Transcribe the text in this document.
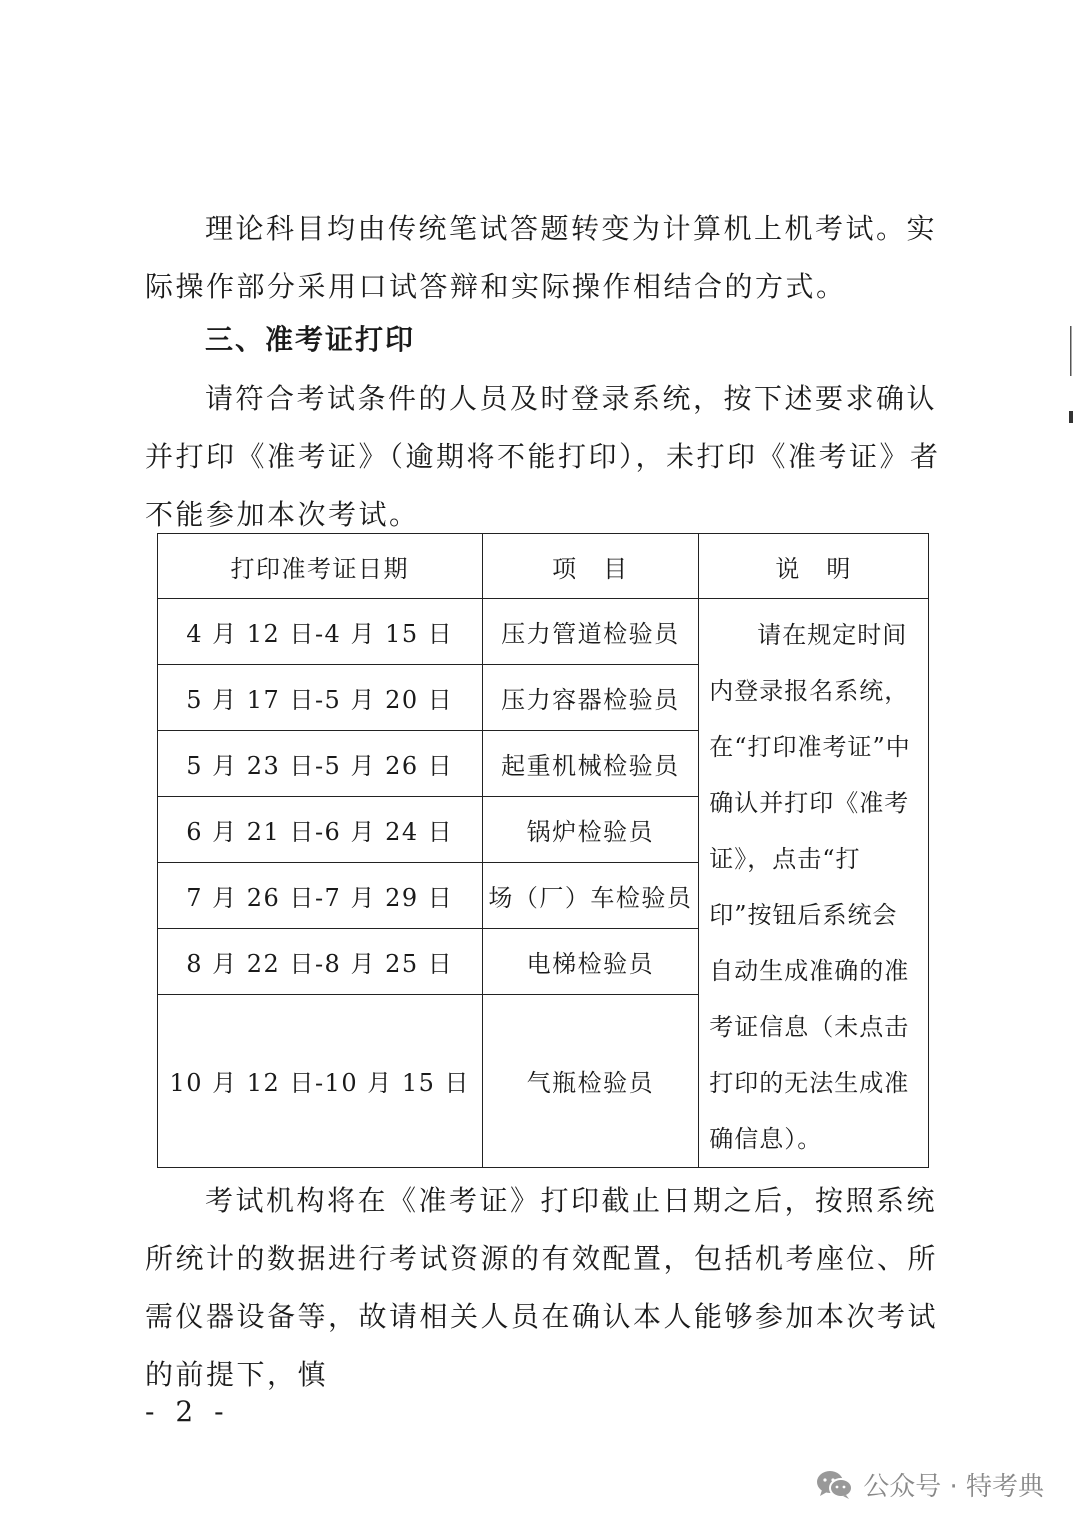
理论科目均由传统笔试答题转变为计算机上机考试。实际操作部分采用口试答辩和实际操作相结合的方式。

三、准考证打印

请符合考试条件的人员及时登录系统，按下述要求确认并打印《准考证》（逾期将不能打印），未打印《准考证》者不能参加本次考试。

打印准考证日期	项　目	说　明
4 月 12 日-4 月 15 日	压力管道检验员	请在规定时间内登录报名系统，在“打印准考证”中确认并打印《准考证》，点击“打印”按钮后系统会自动生成准确的准考证信息（未点击打印的无法生成准确信息）。

5 月 17 日-5 月 20 日	压力容器检验员	
5 月 23 日-5 月 26 日	起重机械检验员	
6 月 21 日-6 月 24 日	锅炉检验员	
7 月 26 日-7 月 29 日	场（厂）车检验员	
8 月 22 日-8 月 25 日	电梯检验员	
10 月 12 日-10 月 15 日	气瓶检验员	

考试机构将在《准考证》打印截止日期之后，按照系统所统计的数据进行考试资源的有效配置，包括机考座位、所需仪器设备等，故请相关人员在确认本人能够参加本次考试的前提下，慎

- 2 -
公众号 · 特考典
